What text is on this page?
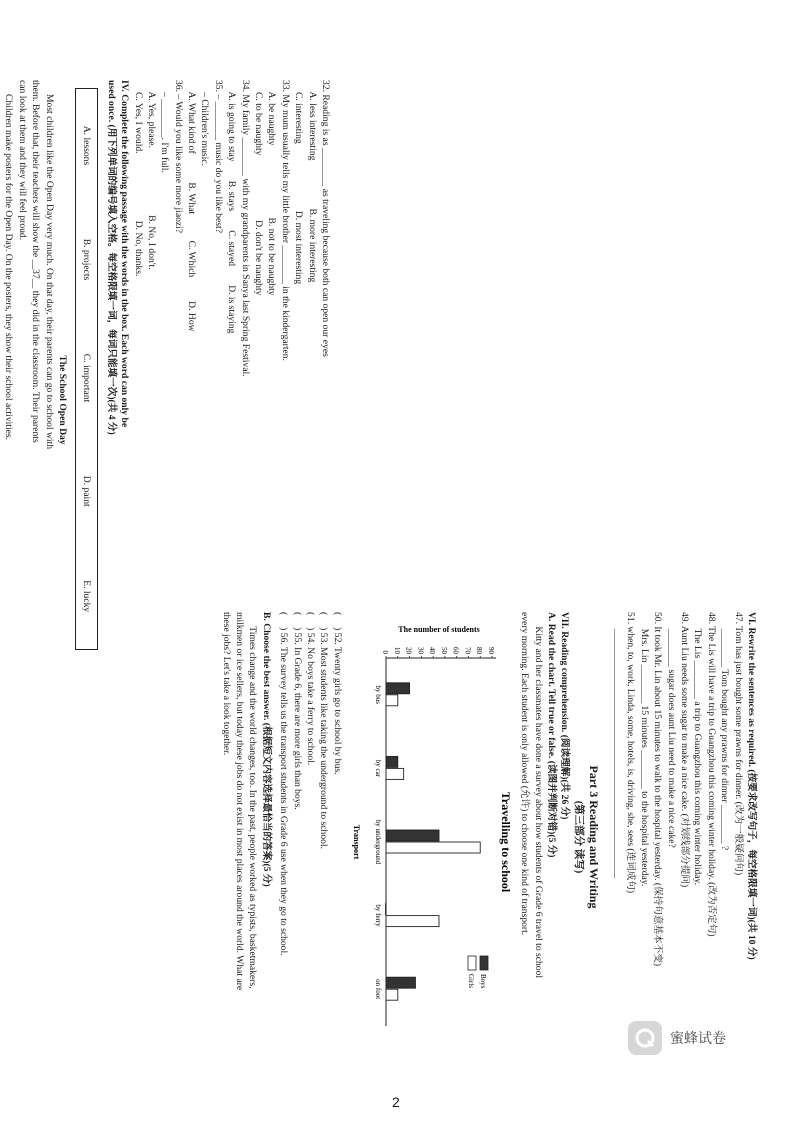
32. Reading is as ________ as traveling because both can open our eyes
A. less interesting                    B. more interesting
C. interesting                            D. most interesting
33. My mum usually tells my little brother ________ in the kindergarten.
A. be naughty                              B. not to be naughty
C. to be naughty                           D. don't be naughty
34. My family ________ with my grandparents in Sanya last Spring Festival.
A. is going to stay        B. stays        C. stayed        D. is staying
35. – ________ music do you like best?
– Children's music.
A. What kind of            B. What           C. Which          D. How
36. – Would you like some more jiaozi?
– ________. I'm full.
A. Yes, please.                            B. No, I don't.
C. Yes, I would.                            D. No, thanks.
IV. Complete the following passage with the words in the box. Each word can only be
used once. (用下列单词的编号填入空格。每空格限填一词，每词只能填一次)(共 4 分)
A. lessons
B. projects
C. important
D. paint
E. lucky
The School Open Day
Most children like the Open Day very much. On that day, their parents can go to school with
them. Before that, their teachers will show the __37__ they did in the classroom. Their parents
can look at them and they will feel proud.
Children make posters for the Open Day. On the posters, they show their school activities.
VI. Rewrite the sentences as required. (按要求改写句子，每空格限填一词)(共 10 分)
47. Tom has just bought some prawns for dinner. (改为一般疑问句)
________ Tom bought any prawns for dinner ________ ?
48. The Lis will have a trip to Guangzhou this coming winter holiday. (改为否定句)
The Lis ________ a trip to Guangzhou this coming winter holiday.
49. Aunt Liu needs some sugar to make a nice cake. (对划线部分提问)
________ sugar does aunt Liu need to make a nice cake?
50. It took Mr. Lin about 15 minutes to walk to the hospital yesterday. (保持句意基本不变)
Mrs. Lin ________ 15 minutes ________ to the hospital yesterday.
51. when, to, work, Linda, some, hotels, is, driving, she, sees (连词成句)
____________________________________________________
Part 3 Reading and Writing
(第三部分 读写)
VII. Reading comprehension. (阅读理解)(共 26 分)
A. Read the chart. Tell true or false. (读图并判断对错)(5 分)
Kitty and her classmates have done a survey about how students of Grade 6 travel to school
every morning. Each student is only allowed (允许) to choose one kind of transport.
Travelling to school
0 10 20 30 40 50 60 70 80 90
The number of students
by bus
by car
by underground
by ferry
on foot
Transport
Boys
Girls
(     ) 52. Twenty girls go to school by bus.
(     ) 53. Most students like taking the underground to school.
(     ) 54. No boys take a ferry to school.
(     ) 55. In Grade 6, there are more girls than boys.
(     ) 56. The survey tells us the transport students in Grade 6 use when they go to school.
B. Choose the best answer. (根据短文内容选择最恰当的答案)(5 分)
Times change and the world changes, too. In the past, people worked as typists, basketmakers,
milkmen or ice sellers, but today these jobs do not exist in most places around the world. What are
these jobs? Let's take a look together.
蜜蜂试卷
2
